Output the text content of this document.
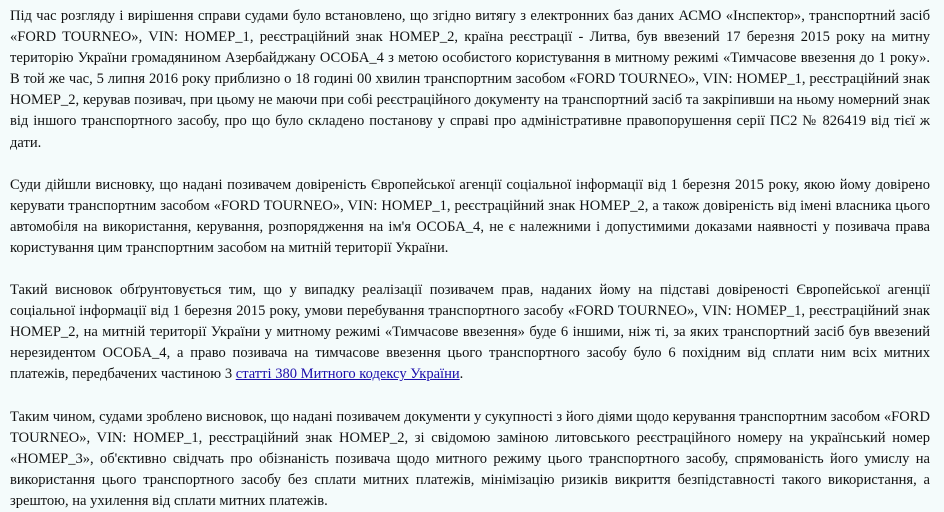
Під час розгляду і вирішення справи судами було встановлено, що згідно витягу з електронних баз даних АСМО «Інспектор», транспортний засіб «FORD TOURNEO», VIN: НОМЕР_1, реєстраційний знак НОМЕР_2, країна реєстрації - Литва, був ввезений 17 березня 2015 року на митну територію України громадянином Азербайджану ОСОБА_4 з метою особистого користування в митному режимі «Тимчасове ввезення до 1 року». В той же час, 5 липня 2016 року приблизно о 18 годині 00 хвилин транспортним засобом «FORD TOURNEO», VIN: НОМЕР_1, реєстраційний знак НОМЕР_2, керував позивач, при цьому не маючи при собі реєстраційного документу на транспортний засіб та закріпивши на ньому номерний знак від іншого транспортного засобу, про що було складено постанову у справі про адміністративне правопорушення серії ПС2 № 826419 від тієї ж дати.

Суди дійшли висновку, що надані позивачем довіреність Європейської агенції соціальної інформації від 1 березня 2015 року, якою йому довірено керувати транспортним засобом «FORD TOURNEO», VIN: НОМЕР_1, реєстраційний знак НОМЕР_2, а також довіреність від імені власника цього автомобіля на використання, керування, розпорядження на ім'я ОСОБА_4, не є належними і допустимими доказами наявності у позивача права користування цим транспортним засобом на митній території України.

Такий висновок обґрунтовується тим, що у випадку реалізації позивачем прав, наданих йому на підставі довіреності Європейської агенції соціальної інформації від 1 березня 2015 року, умови перебування транспортного засобу «FORD TOURNEO», VIN: НОМЕР_1, реєстраційний знак НОМЕР_2, на митній території України у митному режимі «Тимчасове ввезення» буде 6 іншими, ніж ті, за яких транспортний засіб був ввезений нерезидентом ОСОБА_4, а право позивача на тимчасове ввезення цього транспортного засобу було 6 похідним від сплати ним всіх митних платежів, передбачених частиною 3 статті 380 Митного кодексу України.

Таким чином, судами зроблено висновок, що надані позивачем документи у сукупності з його діями щодо керування транспортним засобом «FORD TOURNEO», VIN: НОМЕР_1, реєстраційний знак НОМЕР_2, зі свідомою заміною литовського реєстраційного номеру на український номер «НОМЕР_3», об'єктивно свідчать про обізнаність позивача щодо митного режиму цього транспортного засобу, спрямованість його умислу на використання цього транспортного засобу без сплати митних платежів, мінімізацію ризиків викриття безпідставності такого використання, а зрештою, на ухилення від сплати митних платежів.
